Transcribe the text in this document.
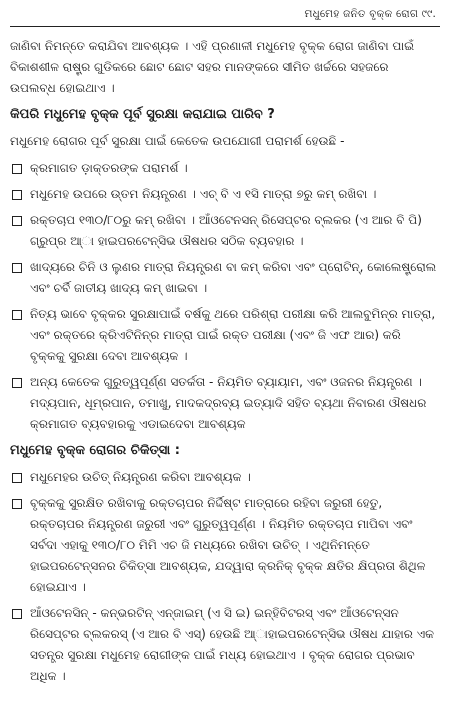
ମଧୁମେହ ଜନିତ ବୃକ୍କ ରୋଗ ୯୯.

ଜାଣିବା ନିମନ୍ତେ କରାଯିବା ଆବଶ୍ୟକ । ଏହି ପ୍ରଣାଳୀ ମଧୁମେହ ବୃକ୍କ ରୋଗ ଜାଣିବା ପାଇଁ ବିକାଶଶୀଳ ରାଷ୍ଟ୍ର ଗୁଡିକରେ ଛୋଟ ଛୋଟ ସହର ମାନଙ୍କରେ ସୀମିତ ଖର୍ଚ୍ଚରେ ସହଜରେ ଉପଲବ୍ଧ ହୋଇଥାଏ ।

କିପରି ମଧୁମେହ ବୃକ୍କ ପୂର୍ବ ସୁରକ୍ଷା କରାଯାଇ ପାରିବ ?

ମଧୁମେହ ରୋଗର ପୂର୍ବ ସୁରକ୍ଷା ପାଇଁ କେତେକ ଉପଯୋଗୀ ପରାମର୍ଶ ହେଉଛି -

କ୍ରମାଗତ ଡ଼ାକ୍ତରଙ୍କ ପରାମର୍ଶ ।
ମଧୁମେହ ଉପରେ ଉ୍ତମ ନିୟନ୍ତ୍ରଣ । ଏଚ୍ ବି ଏ ୧ସି ମାତ୍ରା ୭ରୁ କମ୍ ରଖିବା ।
ରକ୍ତଚାପ ୧୩୦/୮୦ରୁ କମ୍ ରଖିବା । ଆଁଓଟେନସନ୍ ରିସେପ୍ଟର ବ୍ଲକର (ଏ ଆର ବି ପି) ଗ୍ରୁପ୍ର ଆ୍ା ହାଇପରଟେନ୍ସିଭ ଔଷଧର ସଠିକ ବ୍ୟବହାର ।
ଖାଦ୍ୟରେ ଚିନି ଓ ଲୁଣର ମାତ୍ରା ନିୟନ୍ତ୍ରଣ ବା କମ୍ କରିବା ଏବଂ ପ୍ରୋଟିନ୍, କୋଲେଷ୍ଟ୍ରୋଲ ଏବଂ ଚର୍ବି ଜାତୀୟ ଖାଦ୍ୟ କମ୍ ଖାଇବା ।
ନିତ୍ୟ ଭାବେ ବୃକ୍କର ସୁରକ୍ଷାପାଇଁ ବର୍ଷକୁ ଥରେ ପରିଶ୍ରା ପରୀକ୍ଷା କରି ଆଲବୁମିନ୍ର ମାତ୍ରା, ଏବଂ ରକ୍ତରେ କ୍ରିଏଟିନିନ୍ର ମାତ୍ରା ପାଇଁ ରକ୍ତ ପରୀକ୍ଷା (ଏବଂ ଜି ଏଫ ଆର) କରି ବୃକ୍କକୁ ସୁରକ୍ଷା ଦେବା ଆବଶ୍ୟକ ।
ଅନ୍ୟ କେତେକ ଗୁରୁତ୍ୱପୂର୍ଣ୍ଣ ସତର୍କତା - ନିୟମିତ ବ୍ୟାୟାମ, ଏବଂ ଓଜନର ନିୟନ୍ତ୍ରଣ । ମଦ୍ୟପାନ, ଧୂମ୍ରପାନ, ତମାଖୁ, ମାଦକଦ୍ରବ୍ୟ ଇତ୍ୟାଦି ସହିତ ବ୍ୟଥା ନିବାରଣ ଔଷଧର କ୍ରମାଗତ ବ୍ୟବହାରକୁ ଏଡାଇଦେବା ଆବଶ୍ୟକ
ମଧୁମେହ ବୃକ୍କ ରୋଗର ଚିକିତ୍ସା :
ମଧୁମେହର ଉଚିତ୍ ନିୟନ୍ତ୍ରଣ କରିବା ଆବଶ୍ୟକ ।
ବୃକ୍କକୁ ସୁରକ୍ଷିତ ରଖିବାକୁ ରକ୍ତଚାପର ନିର୍ଦ୍ଦିଷ୍ଟ ମାତ୍ରାରେ ରହିବା ଜରୁରୀ ହେତୁ, ରକ୍ତଚାପର ନିୟନ୍ତ୍ରଣ ଜରୁରୀ ଏବଂ ଗୁରୁତ୍ୱପୂର୍ଣ୍ଣ । ନିୟମିତ ରକ୍ତଚାପ ମାପିବା ଏବଂ ସର୍ବଦା ଏହାକୁ ୧୩୦/୮୦ ମିମି ଏଚ ଜି ମଧ୍ୟରେ ରଖିବା ଉଚିତ୍ । ଏଥିନିମନ୍ତେ ହାଇପରଟେନ୍ସନର ଚିକିତ୍ସା ଆବଶ୍ୟକ, ଯଦ୍ୱାରା କ୍ରନିକ୍ ବୃକ୍କ କ୍ଷତିର କ୍ଷିପ୍ରତା ଶିଥିଳ ହୋଇଯାଏ ।
ଆଁଓଟେନସିନ୍ - କନ୍ଭରଟିନ୍ ଏନ୍‌ଜାଇମ୍ (ଏ ସି ଇ) ଇନ୍‌ହିବିଟରସ୍ ଏବଂ ଆଁଓଟେନ୍‌ସନ ରିସେପ୍ଟର ବ୍ଲକରସ୍ (ଏ ଆର ବି ଏସ୍) ହେଉଛି ଆ୍ାହାଇପରଟେନ୍ସିଭ ଔଷଧ ଯାହାର ଏକ ସତନ୍ତ୍ର ସୁରକ୍ଷା ମଧୁମେହ ରୋଗୀଙ୍କ ପାଇଁ ମଧ୍ୟ ହୋଇଥାଏ । ବୃକ୍କ ରୋଗର ପ୍ରଭାବ ଅଧିକ ।
